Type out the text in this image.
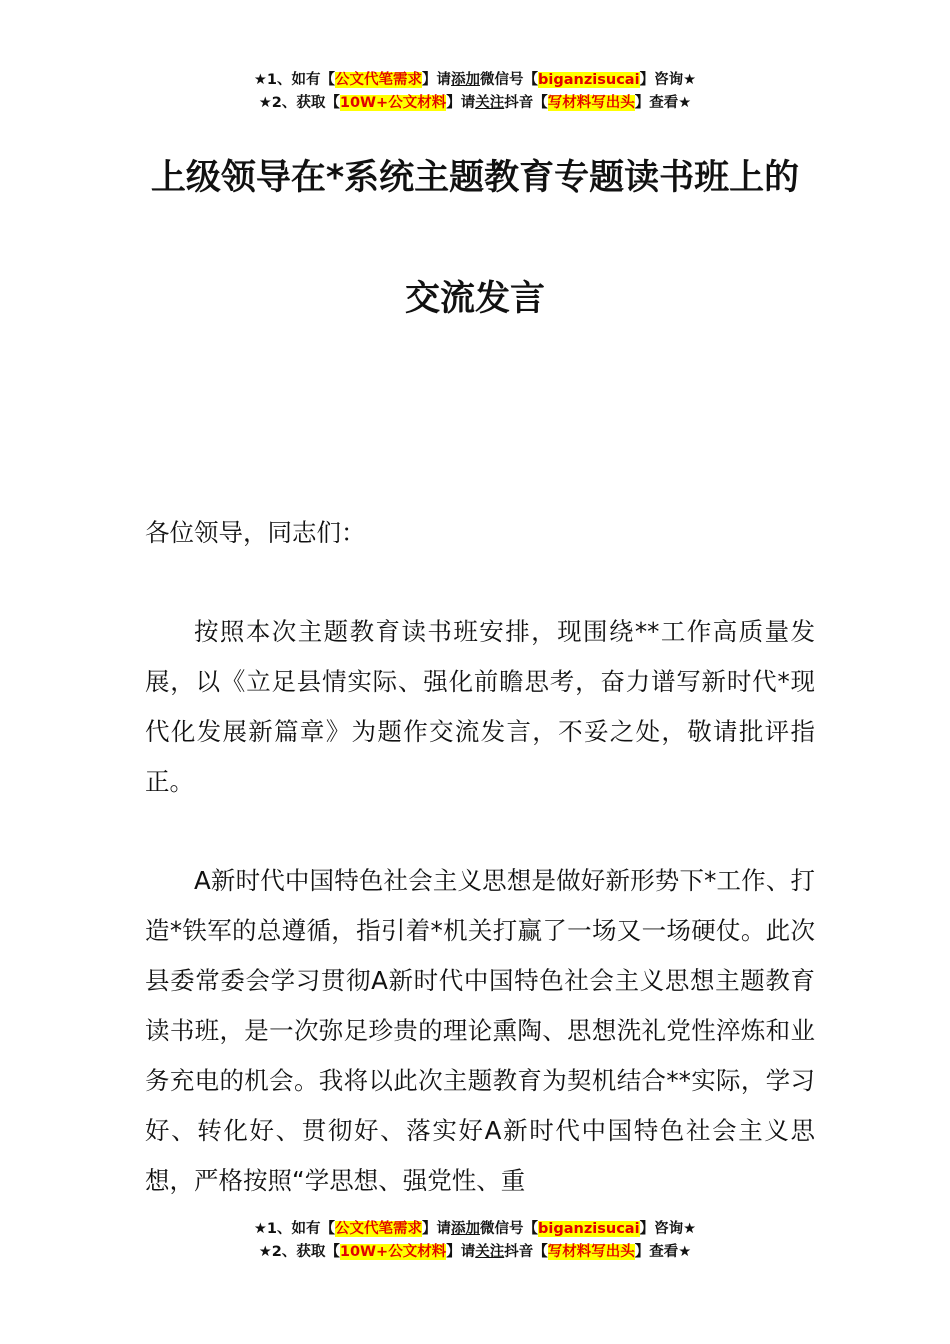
★1、如有【公文代笔需求】请添加微信号【biganzisucai】咨询★
★2、获取【10W+公文材料】请关注抖音【写材料写出头】查看★
上级领导在*系统主题教育专题读书班上的
交流发言
各位领导，同志们：
按照本次主题教育读书班安排，现围绕**工作高质量发展，以《立足县情实际、强化前瞻思考，奋力谱写新时代*现代化发展新篇章》为题作交流发言，不妥之处，敬请批评指正。
A新时代中国特色社会主义思想是做好新形势下*工作、打造*铁军的总遵循，指引着*机关打赢了一场又一场硬仗。此次县委常委会学习贯彻A新时代中国特色社会主义思想主题教育读书班，是一次弥足珍贵的理论熏陶、思想洗礼党性淬炼和业务充电的机会。我将以此次主题教育为契机结合**实际，学习好、转化好、贯彻好、落实好A新时代中国特色社会主义思想，严格按照“学思想、强党性、重
★1、如有【公文代笔需求】请添加微信号【biganzisucai】咨询★
★2、获取【10W+公文材料】请关注抖音【写材料写出头】查看★
